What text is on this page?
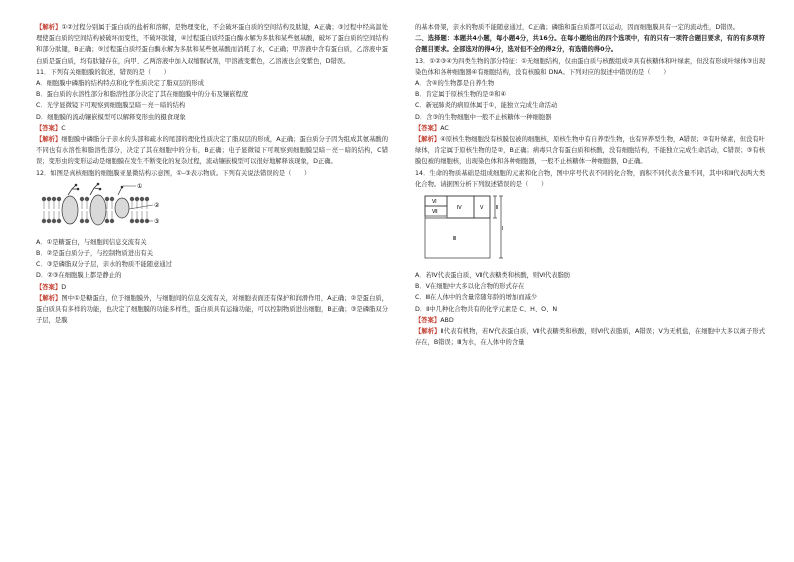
【解析】①②过程分别属于蛋白质的盐析和溶解，是物理变化，不会破坏蛋白质的空间结构及肽键，A正确；③过程中经高温处理使蛋白质的空间结构被破坏而变性，不破坏肽键，④过程蛋白质经蛋白酶水解为多肽和某些氨基酸，破坏了蛋白质的空间结构和部分肽键，B正确；⑤过程蛋白质经蛋白酶水解为多肽和某些氨基酸而消耗了水，C正确；甲溶液中含有蛋白质，乙溶液中蛋白质是蛋白质，均有肽键存在，向甲、乙两溶液中加入双缩脲试剂，甲溶液变紫色，乙溶液也会变紫色，D错误。

11．下列有关细胞膜的叙述，错误的是（　　）

A．细胞膜中磷脂的结构特点和化学性质决定了脂双层的形成

B．蛋白质的水溶性部分和脂溶性部分决定了其在细胞膜中的分布及镶嵌程度

C．光学显微镜下可观察到细胞膜呈暗－亮－暗的结构

D．细胞膜的流动镶嵌模型可以解释变形虫的摄食现象

【答案】C

【解析】细胞膜中磷脂分子亲水的头部和疏水的尾部的理化性质决定了脂双层的形成，A正确；蛋白质分子因为组成其氨基酸的不同也有水溶性和脂溶性部分，决定了其在细胞中的分布，B正确；电子显微镜下可观察到细胞膜呈暗－亮－暗的结构，C错误；变形虫的变形运动是细胞膜在发生不断变化的复杂过程，流动镶嵌模型可以很好地解释该现象，D正确。

12．如图是真核细胞的细胞膜亚显微结构示意图，①–③表示物质。下列有关说法错误的是（　　）

①
②
③

A．①是糖蛋白，与细胞间信息交流有关

B．②是蛋白质分子，与控制物质进出有关

C．③是磷脂双分子层，亲水的物质不能随意通过

D．②③在细胞膜上都是静止的

【答案】D

【解析】图中①是糖蛋白，位于细胞膜外，与细胞间的信息交流有关，对细胞表面还有保护和润滑作用，A正确；②是蛋白质，蛋白质具有多样的功能，也决定了细胞膜的功能多样性，蛋白质具有运输功能，可以控制物质进出细胞，B正确；③是磷脂双分子层，是膜

的基本骨架，亲水的物质不能随意通过，C正确；磷脂和蛋白质都可以运动，因而细胞膜具有一定的流动性，D错误。

二、选择题：本题共4小题，每小题4分，共16分。在每小题给出的四个选项中，有的只有一项符合题目要求，有的有多项符合题目要求。全部选对的得4分，选对但不全的得2分，有选错的得0分。

13．①②③④为四类生物的部分特征：①无细胞结构，仅由蛋白质与核酸组成②具有核糖体和叶绿素，但没有形成叶绿体③出现染色体和各种细胞器④有细胞结构，没有核膜和 DNA。下列对应的叙述中错误的是（　　）

A．含④的生物都是自养生物

B．肯定属于原核生物的是②和④

C．新冠肺炎的病原体属于①，能独立完成生命活动

D．含③的生物细胞中一般不止核糖体一种细胞器

【答案】AC

【解析】④原核生物细胞没有核膜包被的细胞核，原核生物中有自养型生物，也有异养型生物，A错误；②有叶绿素，但没有叶绿体，肯定属于原核生物的是②，B正确；病毒只含有蛋白质和核酸，没有细胞结构，不能独立完成生命活动，C错误；③有核膜包被的细胞核，出现染色体和各种细胞器，一般不止核糖体一种细胞器，D正确。

14．生命的物质基础是组成细胞的元素和化合物，图中序号代表不同的化合物，面积不同代表含量不同，其中Ⅰ和Ⅱ代表两大类化合物。请据图分析下列叙述错误的是（　　）

Ⅵ
Ⅶ
Ⅳ	Ⅴ
Ⅲ
Ⅱ
Ⅰ

A．若Ⅳ代表蛋白质，Ⅶ代表糖类和核酸，则Ⅵ代表脂肪

B．Ⅴ在细胞中大多以化合物的形式存在

C．Ⅲ在人体中的含量常随年龄的增加而减少

D．Ⅱ中几种化合物共有的化学元素是 C、H、O、N

【答案】ABD

【解析】Ⅱ代表有机物，若Ⅳ代表蛋白质，Ⅶ代表糖类和核酸，则Ⅵ代表脂质，A错误；Ⅴ为无机盐，在细胞中大多以离子形式存在，B错误；Ⅲ为水，在人体中的含量
